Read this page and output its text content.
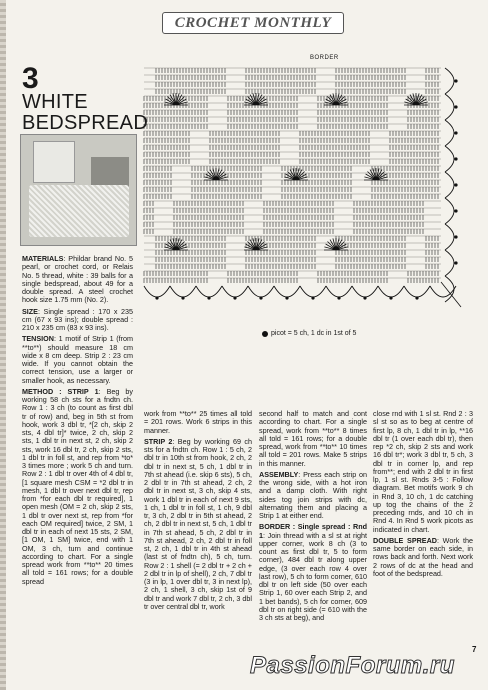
CROCHET MONTHLY
3
WHITE
BEDSPREAD
BORDER
picot = 5 ch, 1 dc in 1st of 5

MATERIALS: Phildar brand No. 5 pearl, or crochet cord, or Relais No. 5 thread, white : 39 balls for a single bedspread, about 49 for a double spread. A steel crochet hook size 1.75 mm (No. 2).

SIZE: Single spread : 170 x 235 cm (67 x 93 ins); double spread : 210 x 235 cm (83 x 93 ins).

TENSION: 1 motif of Strip 1 (from **to**) should measure 18 cm wide x 8 cm deep. Strip 2 : 23 cm wide. If you cannot obtain the correct tension, use a larger or smaller hook, as necessary.

METHOD : STRIP 1: Beg by working 58 ch sts for a fndtn ch. Row 1 : 3 ch (to count as first dbl tr of row) and, beg in 5th st from hook, work 3 dbl tr, *[2 ch, skip 2 sts, 4 dbl tr]* twice, 2 ch, skip 2 sts, 1 dbl tr in next st, 2 ch, skip 2 sts, work 16 dbl tr, 2 ch, skip 2 sts, 1 dbl tr in foll st, and rep from *to* 3 times more ; work 5 ch and turn. Row 2 : 1 dbl tr over 4th of 4 dbl tr, [1 square mesh CSM = *2 dbl tr in mesh, 1 dbl tr over next dbl tr, rep from *for each dbl tr required], 1 open mesh (OM = 2 ch, skip 2 sts, 1 dbl tr over next st, rep from *for each OM required] twice, 2 SM, 1 dbl tr in each of next 15 sts, 2 SM, [1 OM, 1 SM] twice, end with 1 OM, 3 ch, turn and continue according to chart. For a single spread work from **to** 20 times all told = 161 rows; for a double spread

work from **to** 25 times all told = 201 rows. Work 6 strips in this manner.

STRIP 2: Beg by working 69 ch sts for a fndtn ch. Row 1 : 5 ch, 2 dbl tr in 10th st from hook, 2 ch, 2 dbl tr in next st, 5 ch, 1 dbl tr in 7th st ahead (i.e. skip 6 sts), 5 ch, 2 dbl tr in 7th st ahead, 2 ch, 2 dbl tr in next st, 3 ch, skip 4 sts, work 1 dbl tr in each of next 9 sts, 1 ch, 1 dbl tr in foll st, 1 ch, 9 dbl tr, 3 ch, 2 dbl tr in 5th st ahead, 2 ch, 2 dbl tr in next st, 5 ch, 1 dbl tr in 7th st ahead, 5 ch, 2 dbl tr in 7th st ahead, 2 ch, 2 dbl tr in foll st, 2 ch, 1 dbl tr in 4th st ahead (last st of fndtn ch), 5 ch, turn. Row 2 : 1 shell (= 2 dbl tr + 2 ch + 2 dbl tr in lp of shell), 2 ch, 7 dbl tr (3 in lp, 1 over dbl tr, 3 in next lp), 2 ch, 1 shell, 3 ch, skip 1st of 9 dbl tr and work 7 dbl tr, 2 ch, 3 dbl tr over central dbl tr, work

second half to match and cont according to chart. For a single spread, work from **to** 8 times all told = 161 rows; for a double spread, work from **to** 10 times all told = 201 rows. Make 5 strips in this manner.

ASSEMBLY: Press each strip on the wrong side, with a hot iron and a damp cloth. With right sides tog join strips with dc, alternating them and placing a Strip 1 at either end.

BORDER : Single spread : Rnd 1: Join thread with a sl st at right upper corner, work 8 ch (3 to count as first dbl tr, 5 to form corner), 484 dbl tr along upper edge, (3 over each row 4 over last row), 5 ch to form corner, 610 dbl tr on left side (50 over each Strip 1, 60 over each Strip 2, and 1 bet bands), 5 ch for corner, 609 dbl tr on right side (= 610 with the 3 ch sts at beg), and

close rnd with 1 sl st. Rnd 2 : 3 sl st so as to beg at centre of first lp, 8 ch, 1 dbl tr in lp, **16 dbl tr (1 over each dbl tr), then rep *2 ch, skip 2 sts and work 16 dbl tr*; work 3 dbl tr, 5 ch, 3 dbl tr in corner lp, and rep from**; end with 2 dbl tr in first lp, 1 sl st. Rnds 3-5 : Follow diagram. Bet motifs work 9 ch in Rnd 3, 10 ch, 1 dc catching up tog the chains of the 2 preceding rnds, and 10 ch in Rnd 4. In Rnd 5 work picots as indicated in chart.

DOUBLE SPREAD: Work the same border on each side, in rows back and forth. Next work 2 rows of dc at the head and foot of the bedspread.

7
PassionForum.ru
